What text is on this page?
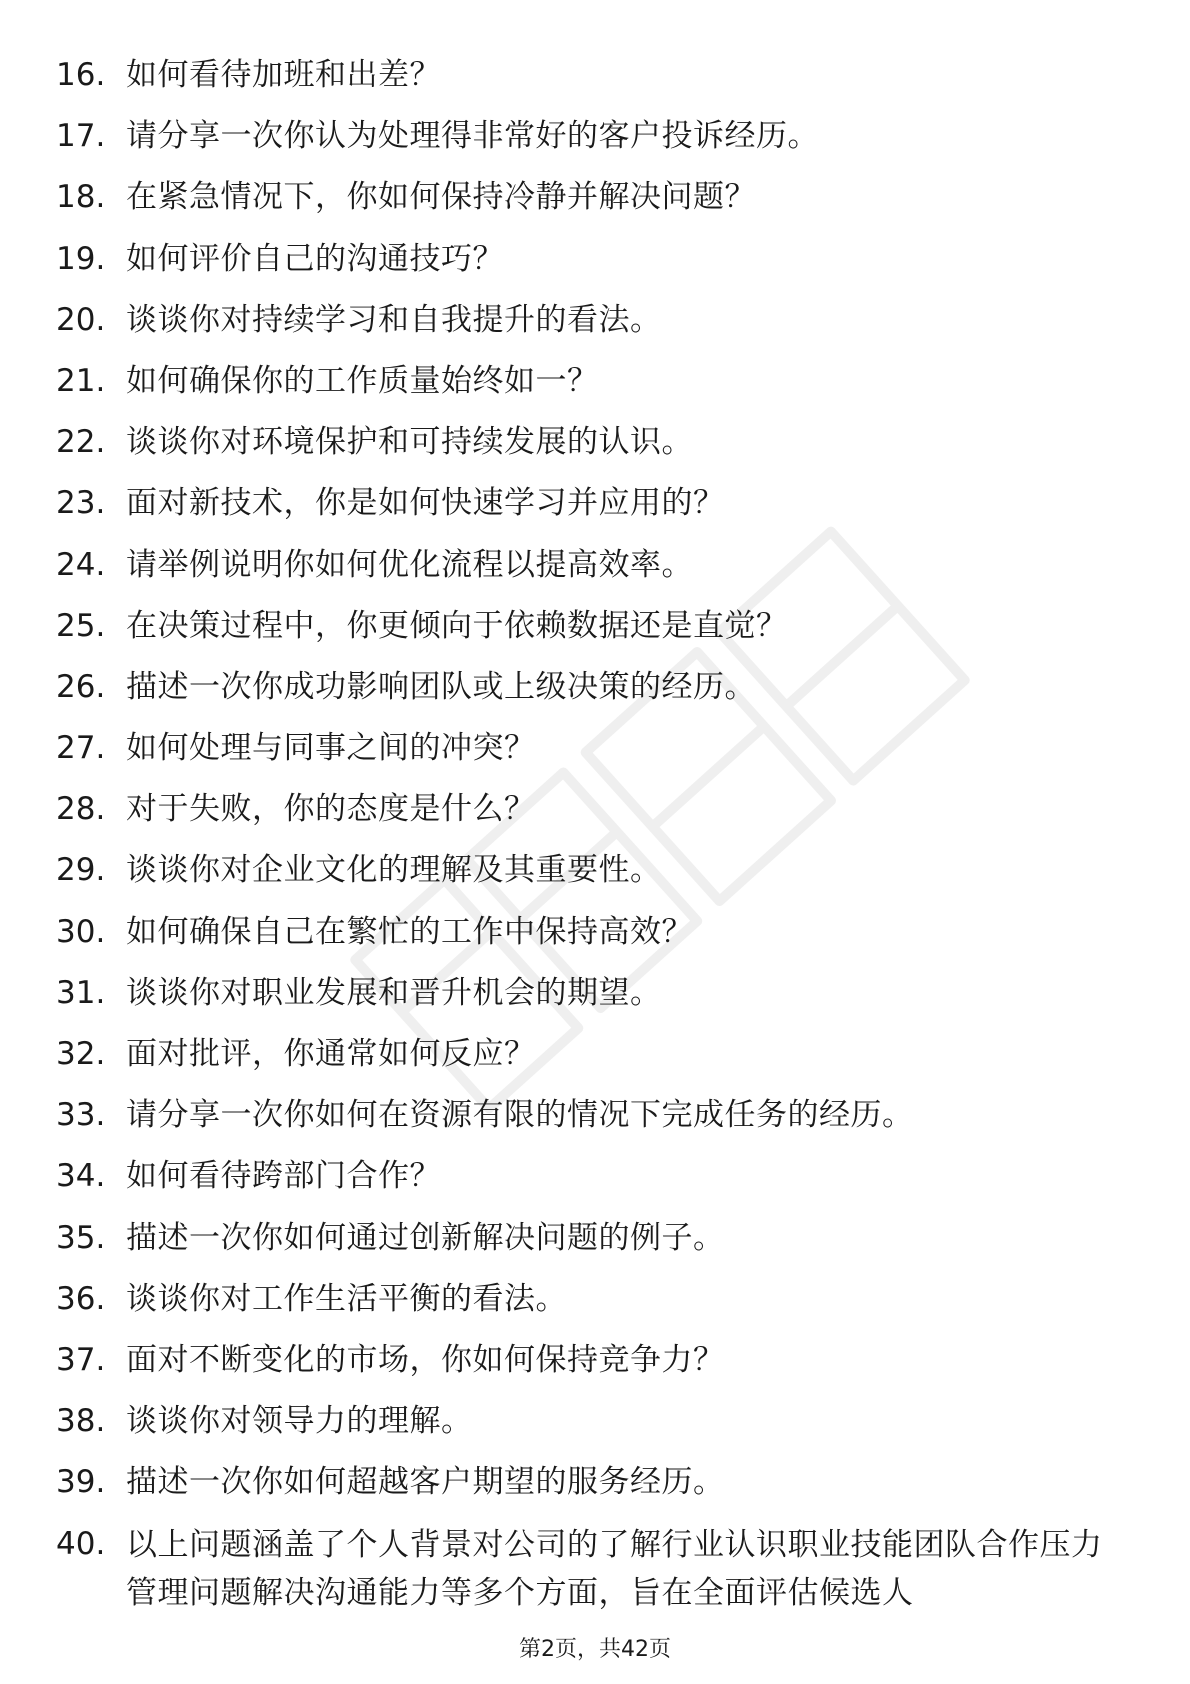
16. 如何看待加班和出差？
17. 请分享一次你认为处理得非常好的客户投诉经历。
18. 在紧急情况下，你如何保持冷静并解决问题？
19. 如何评价自己的沟通技巧？
20. 谈谈你对持续学习和自我提升的看法。
21. 如何确保你的工作质量始终如一？
22. 谈谈你对环境保护和可持续发展的认识。
23. 面对新技术，你是如何快速学习并应用的？
24. 请举例说明你如何优化流程以提高效率。
25. 在决策过程中，你更倾向于依赖数据还是直觉？
26. 描述一次你成功影响团队或上级决策的经历。
27. 如何处理与同事之间的冲突？
28. 对于失败，你的态度是什么？
29. 谈谈你对企业文化的理解及其重要性。
30. 如何确保自己在繁忙的工作中保持高效？
31. 谈谈你对职业发展和晋升机会的期望。
32. 面对批评，你通常如何反应？
33. 请分享一次你如何在资源有限的情况下完成任务的经历。
34. 如何看待跨部门合作？
35. 描述一次你如何通过创新解决问题的例子。
36. 谈谈你对工作生活平衡的看法。
37. 面对不断变化的市场，你如何保持竞争力？
38. 谈谈你对领导力的理解。
39. 描述一次你如何超越客户期望的服务经历。
40. 以上问题涵盖了个人背景对公司的了解行业认识职业技能团队合作压力管理问题解决沟通能力等多个方面，旨在全面评估候选人
第2页，共42页
